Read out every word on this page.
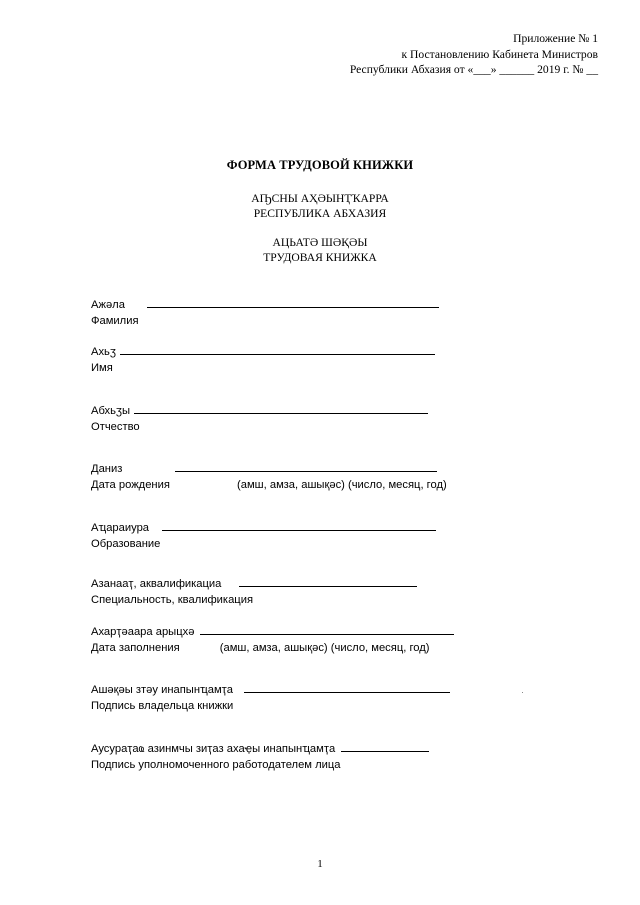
Приложение № 1
к Постановлению Кабинета Министров
Республики Абхазия от «___» ______ 2019 г. № __
ФОРМА ТРУДОВОЙ КНИЖКИ
АҦСНЫ АҲӘЫНҬҠАРРА
РЕСПУБЛИКА АБХАЗИЯ
АЦЬАТӘ ШӘҚӘЫ
ТРУДОВАЯ КНИЖКА
Ажәла
Фамилия
Ахьӡ
Имя
Абхьӡы
Отчество
Даниз
Дата рождения	(амш, амза, ашықәс) (число, месяц, год)
Аҵараиура
Образование
Азанааҭ, аквалификациа
Специальность, квалификация
Ахарҭәаара арыцхә
Дата заполнения	(амш, амза, ашықәс) (число, месяц, год)
Ашәқәы зтәу инапынҵамҭа
Подпись владельца книжки
Аусураҭаҩ азинмчы зиҭаз ахаҿы инапынҵамҭа
Подпись уполномоченного работодателем лица
1
